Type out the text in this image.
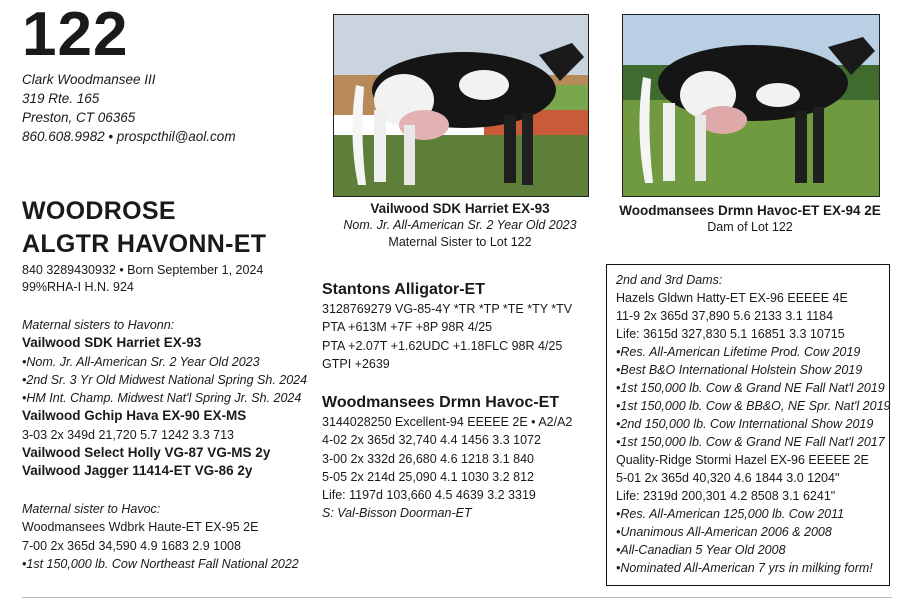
122
Clark Woodmansee III
319 Rte. 165
Preston, CT 06365
860.608.9982 • prospcthil@aol.com
WOODROSE
ALGTR HAVONN-ET
840 3289430932 • Born September 1, 2024
99%RHA-I H.N. 924
Vailwood SDK Harriet EX-93
Nom. Jr. All-American Sr. 2 Year Old 2023
Maternal Sister to Lot 122
Woodmansees Drmn Havoc-ET EX-94 2E
Dam of Lot 122
Maternal sisters to Havonn:
Vailwood SDK Harriet EX-93
•Nom. Jr. All-American Sr. 2 Year Old 2023
•2nd Sr. 3 Yr Old Midwest National Spring Sh. 2024
•HM Int. Champ. Midwest Nat'l Spring Jr. Sh. 2024
Vailwood Gchip Hava EX-90 EX-MS
3-03 2x 349d 21,720 5.7 1242 3.3 713
Vailwood Select Holly VG-87 VG-MS 2y
Vailwood Jagger 11414-ET VG-86 2y
Maternal sister to Havoc:
Woodmansees Wdbrk Haute-ET EX-95 2E
7-00 2x 365d 34,590 4.9 1683 2.9 1008
•1st 150,000 lb. Cow Northeast Fall National 2022
Stantons Alligator-ET
3128769279 VG-85-4Y *TR *TP *TE *TY *TV
PTA +613M +7F +8P 98R 4/25
PTA +2.07T +1.62UDC +1.18FLC 98R 4/25
GTPI +2639
Woodmansees Drmn Havoc-ET
3144028250 Excellent-94 EEEEE 2E • A2/A2
4-02 2x 365d 32,740 4.4 1456 3.3 1072
3-00 2x 332d 26,680 4.6 1218 3.1 840
5-05 2x 214d 25,090 4.1 1030 3.2 812
Life: 1197d 103,660 4.5 4639 3.2 3319
S: Val-Bisson Doorman-ET
2nd and 3rd Dams:
Hazels Gldwn Hatty-ET EX-96 EEEEE 4E
11-9 2x 365d 37,890 5.6 2133 3.1 1184
Life: 3615d 327,830 5.1 16851 3.3 10715
•Res. All-American Lifetime Prod. Cow 2019
•Best B&O International Holstein Show 2019
•1st 150,000 lb. Cow & Grand NE Fall Nat'l 2019
•1st 150,000 lb. Cow & BB&O, NE Spr. Nat'l 2019
•2nd 150,000 lb. Cow International Show 2019
•1st 150,000 lb. Cow & Grand NE Fall Nat'l 2017
Quality-Ridge Stormi Hazel EX-96 EEEEE 2E
5-01 2x 365d 40,320 4.6 1844 3.0 1204"
Life: 2319d 200,301 4.2 8508 3.1 6241"
•Res. All-American 125,000 lb. Cow 2011
•Unanimous All-American 2006 & 2008
•All-Canadian 5 Year Old 2008
•Nominated All-American 7 yrs in milking form!
